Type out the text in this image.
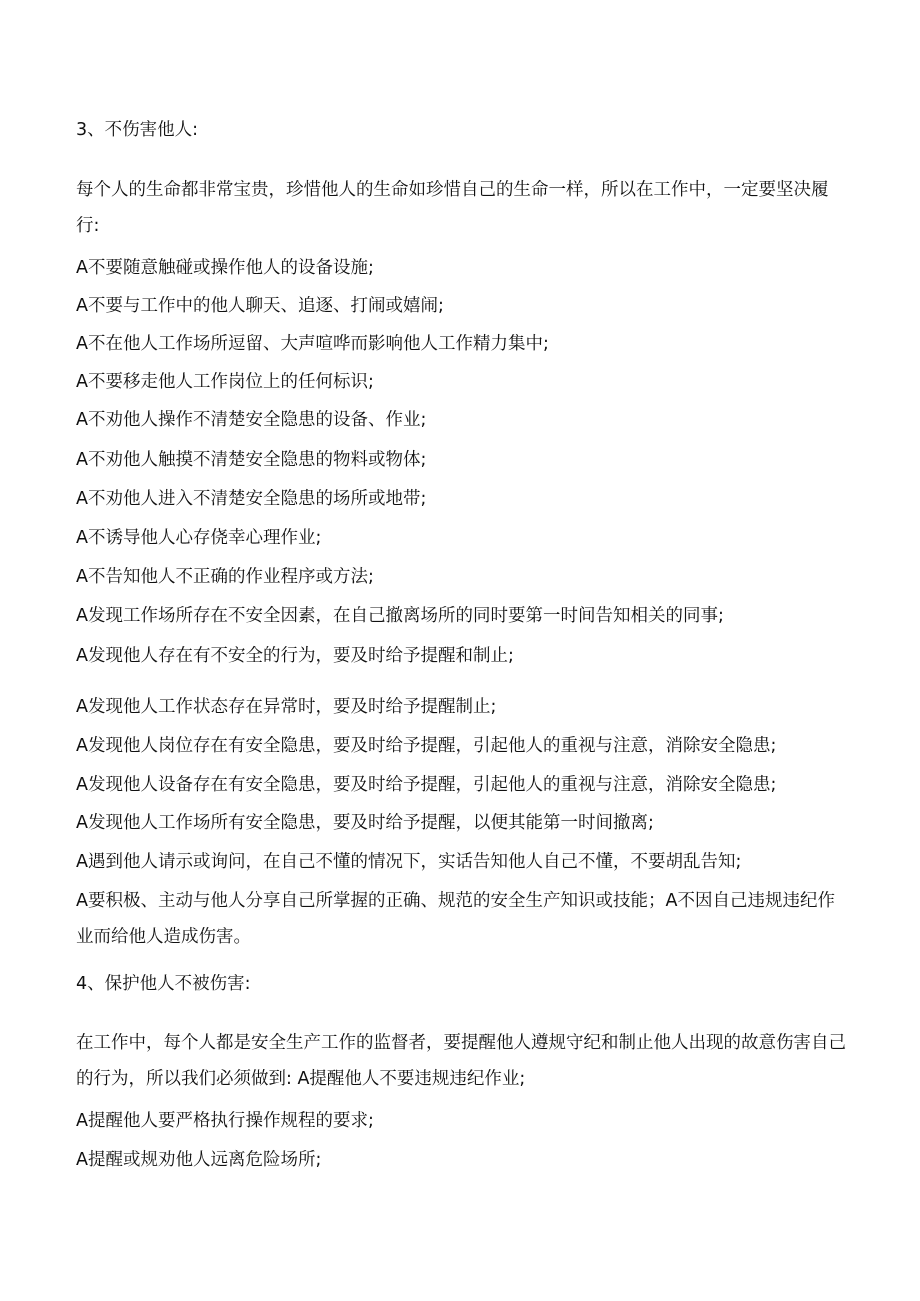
3、不伤害他人:
每个人的生命都非常宝贵，珍惜他人的生命如珍惜自己的生命一样，所以在工作中，一定要坚决履行:
A不要随意触碰或操作他人的设备设施;
A不要与工作中的他人聊天、追逐、打闹或嬉闹;
A不在他人工作场所逗留、大声喧哗而影响他人工作精力集中;
A不要移走他人工作岗位上的任何标识;
A不劝他人操作不清楚安全隐患的设备、作业;
A不劝他人触摸不清楚安全隐患的物料或物体;
A不劝他人进入不清楚安全隐患的场所或地带;
A不诱导他人心存侥幸心理作业;
A不告知他人不正确的作业程序或方法;
A发现工作场所存在不安全因素，在自己撤离场所的同时要第一时间告知相关的同事;
A发现他人存在有不安全的行为，要及时给予提醒和制止;
A发现他人工作状态存在异常时，要及时给予提醒制止;
A发现他人岗位存在有安全隐患，要及时给予提醒，引起他人的重视与注意，消除安全隐患;
A发现他人设备存在有安全隐患，要及时给予提醒，引起他人的重视与注意，消除安全隐患;
A发现他人工作场所有安全隐患，要及时给予提醒，以便其能第一时间撤离;
A遇到他人请示或询问，在自己不懂的情况下，实话告知他人自己不懂，不要胡乱告知;
A要积极、主动与他人分享自己所掌握的正确、规范的安全生产知识或技能；A不因自己违规违纪作业而给他人造成伤害。
4、保护他人不被伤害:
在工作中，每个人都是安全生产工作的监督者，要提醒他人遵规守纪和制止他人出现的故意伤害自己的行为，所以我们必须做到: A提醒他人不要违规违纪作业;
A提醒他人要严格执行操作规程的要求;
A提醒或规劝他人远离危险场所;
